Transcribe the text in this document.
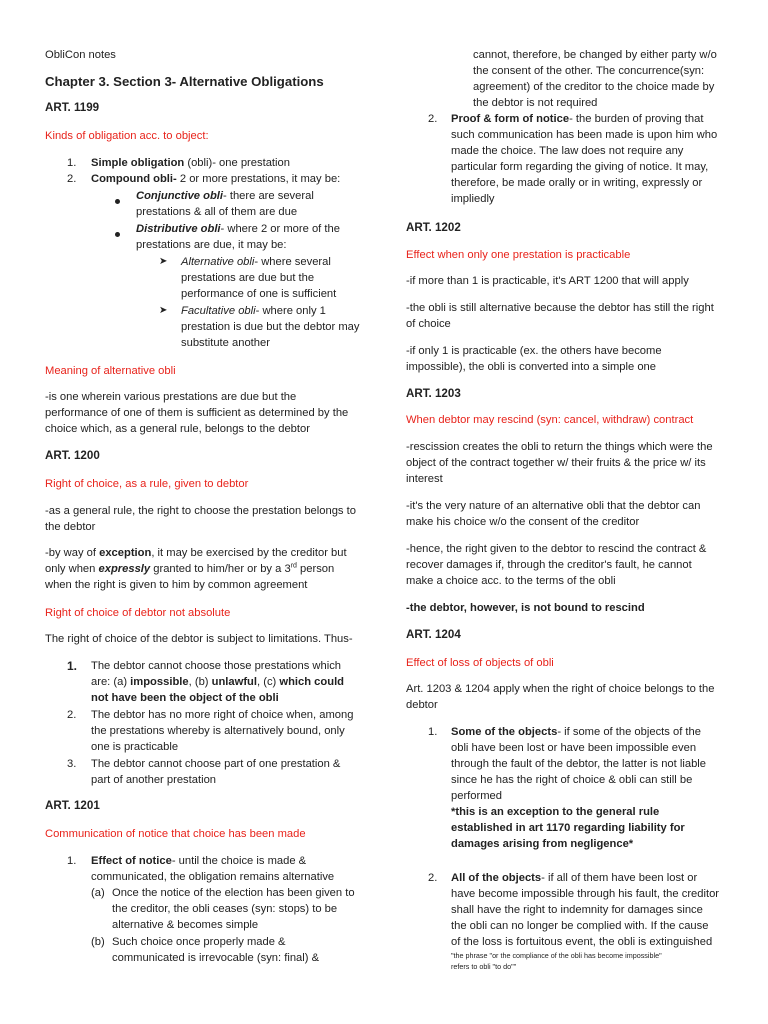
ObliCon notes
Chapter 3. Section 3- Alternative Obligations
ART. 1199
Kinds of obligation acc. to object:
1. Simple obligation (obli)- one prestation
2. Compound obli- 2 or more prestations, it may be:
Conjunctive obli- there are several
prestations & all of them are due
Distributive obli- where 2 or more of the
prestations are due, it may be:
➤ Alternative obli- where several
prestations are due but the
performance of one is sufficient
➤ Facultative obli- where only 1
prestation is due but the debtor may
substitute another
Meaning of alternative obli
-is one wherein various prestations are due but the
performance of one of them is sufficient as determined by the
choice which, as a general rule, belongs to the debtor
ART. 1200
Right of choice, as a rule, given to debtor
-as a general rule, the right to choose the prestation belongs to
the debtor
-by way of exception, it may be exercised by the creditor but
only when expressly granted to him/her or by a 3rd person
when the right is given to him by common agreement
Right of choice of debtor not absolute
The right of choice of the debtor is subject to limitations. Thus-
1. The debtor cannot choose those prestations which
are: (a) impossible, (b) unlawful, (c) which could
not have been the object of the obli
2. The debtor has no more right of choice when, among
the prestations whereby is alternatively bound, only
one is practicable
3. The debtor cannot choose part of one prestation &
part of another prestation
ART. 1201
Communication of notice that choice has been made
1. Effect of notice- until the choice is made &
communicated, the obligation remains alternative
(a) Once the notice of the election has been given to
the creditor, the obli ceases (syn: stops) to be
alternative & becomes simple
(b) Such choice once properly made &
communicated is irrevocable (syn: final) &
cannot, therefore, be changed by either party w/o
the consent of the other. The concurrence(syn:
agreement) of the creditor to the choice made by
the debtor is not required
2. Proof & form of notice- the burden of proving that
such communication has been made is upon him who
made the choice. The law does not require any
particular form regarding the giving of notice. It may,
therefore, be made orally or in writing, expressly or
impliedly
ART. 1202
Effect when only one prestation is practicable
-if more than 1 is practicable, it's ART 1200 that will apply
-the obli is still alternative because the debtor has still the right
of choice
-if only 1 is practicable (ex. the others have become
impossible), the obli is converted into a simple one
ART. 1203
When debtor may rescind (syn: cancel, withdraw) contract
-rescission creates the obli to return the things which were the
object of the contract together w/ their fruits & the price w/ its
interest
-it's the very nature of an alternative obli that the debtor can
make his choice w/o the consent of the creditor
-hence, the right given to the debtor to rescind the contract &
recover damages if, through the creditor's fault, he cannot
make a choice acc. to the terms of the obli
-the debtor, however, is not bound to rescind
ART. 1204
Effect of loss of objects of obli
Art. 1203 & 1204 apply when the right of choice belongs to the
debtor
1. Some of the objects- if some of the objects of the
obli have been lost or have been impossible even
through the fault of the debtor, the latter is not liable
since he has the right of choice & obli can still be
performed
*this is an exception to the general rule
established in art 1170 regarding liability for
damages arising from negligence*
2. All of the objects- if all of them have been lost or
have become impossible through his fault, the creditor
shall have the right to indemnity for damages since
the obli can no longer be complied with. If the cause
of the loss is fortuitous event, the obli is extinguished
"the phrase "or the compliance of the obli has become impossible"
refers to obli "to do""
